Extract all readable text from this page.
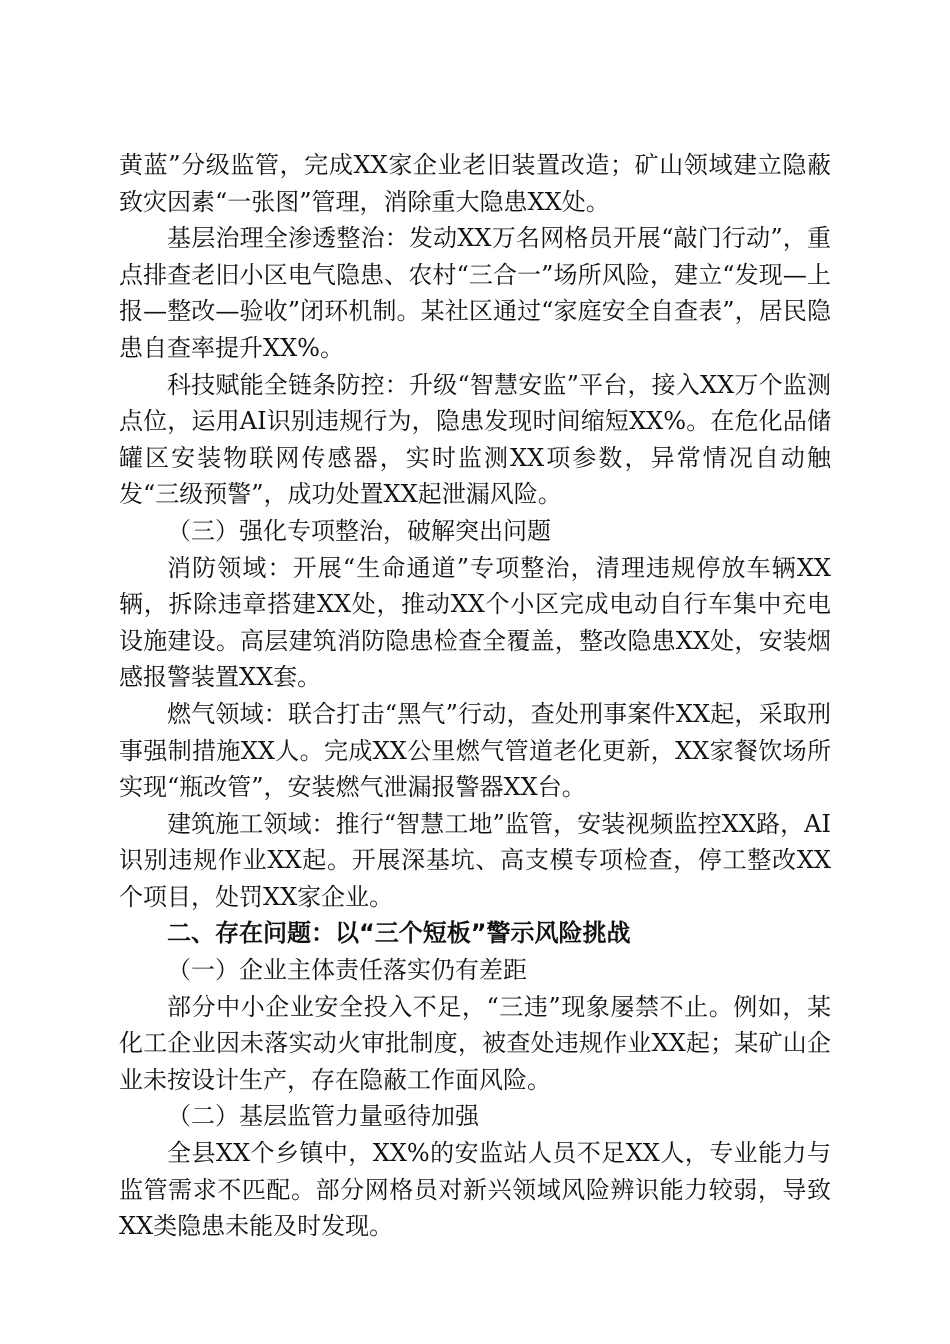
黄蓝”分级监管，完成XX家企业老旧装置改造；矿山领域建立隐蔽致灾因素“一张图”管理，消除重大隐患XX处。

基层治理全渗透整治：发动XX万名网格员开展“敲门行动”，重点排查老旧小区电气隐患、农村“三合一”场所风险，建立“发现—上报—整改—验收”闭环机制。某社区通过“家庭安全自查表”，居民隐患自查率提升XX%。

科技赋能全链条防控：升级“智慧安监”平台，接入XX万个监测点位，运用AI识别违规行为，隐患发现时间缩短XX%。在危化品储罐区安装物联网传感器，实时监测XX项参数，异常情况自动触发“三级预警”，成功处置XX起泄漏风险。

（三）强化专项整治，破解突出问题

消防领域：开展“生命通道”专项整治，清理违规停放车辆XX辆，拆除违章搭建XX处，推动XX个小区完成电动自行车集中充电设施建设。高层建筑消防隐患检查全覆盖，整改隐患XX处，安装烟感报警装置XX套。

燃气领域：联合打击“黑气”行动，查处刑事案件XX起，采取刑事强制措施XX人。完成XX公里燃气管道老化更新，XX家餐饮场所实现“瓶改管”，安装燃气泄漏报警器XX台。

建筑施工领域：推行“智慧工地”监管，安装视频监控XX路，AI识别违规作业XX起。开展深基坑、高支模专项检查，停工整改XX个项目，处罚XX家企业。

二、存在问题：以“三个短板”警示风险挑战

（一）企业主体责任落实仍有差距

部分中小企业安全投入不足，“三违”现象屡禁不止。例如，某化工企业因未落实动火审批制度，被查处违规作业XX起；某矿山企业未按设计生产，存在隐蔽工作面风险。

（二）基层监管力量亟待加强

全县XX个乡镇中，XX%的安监站人员不足XX人，专业能力与监管需求不匹配。部分网格员对新兴领域风险辨识能力较弱，导致XX类隐患未能及时发现。
